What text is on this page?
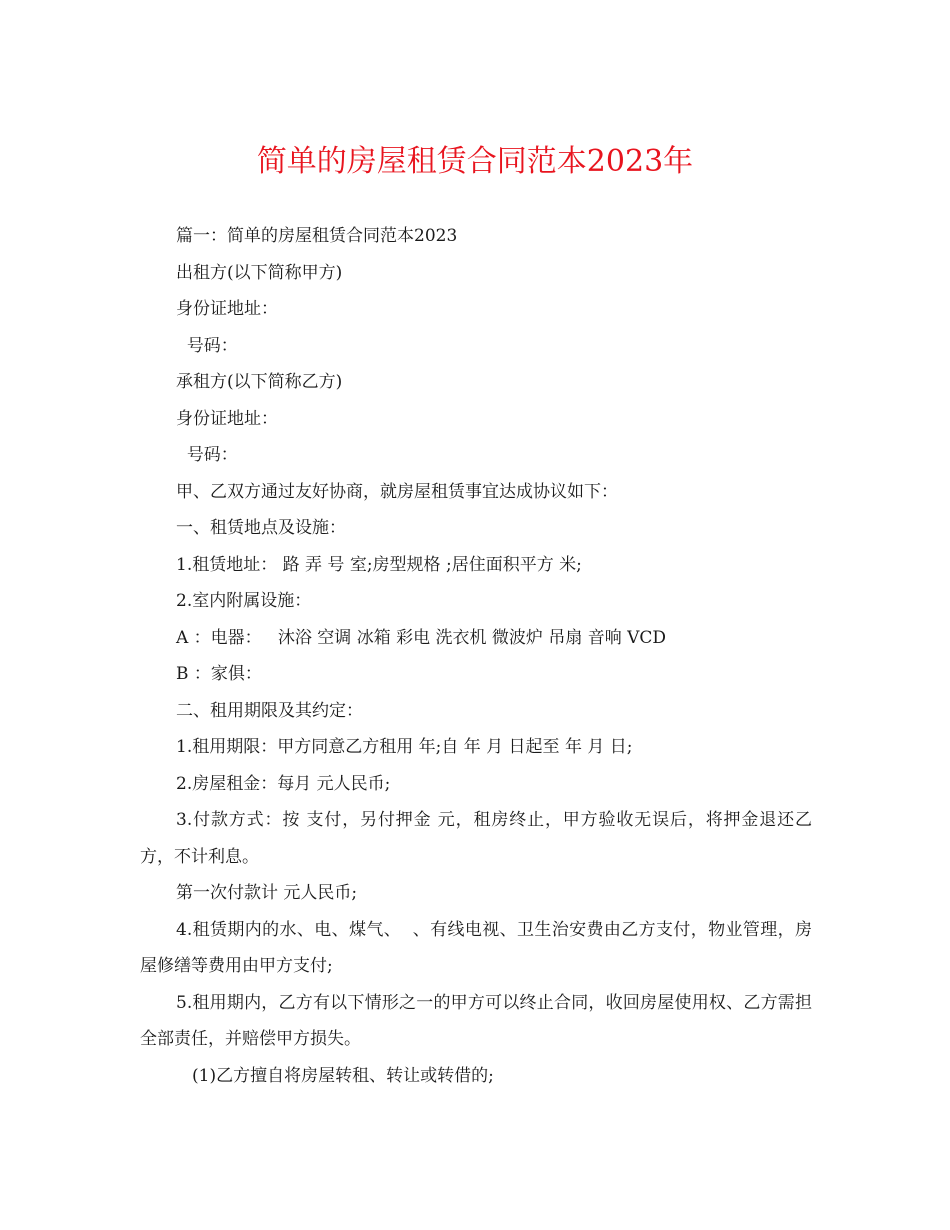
简单的房屋租赁合同范本2023年

篇一：简单的房屋租赁合同范本2023

出租方(以下简称甲方)

身份证地址：

号码：

承租方(以下简称乙方)

身份证地址：

号码：

甲、乙双方通过友好协商，就房屋租赁事宜达成协议如下：

一、租赁地点及设施：

1.租赁地址： 路 弄 号 室;房型规格 ;居住面积平方 米;

2.室内附属设施：

A ：电器：   沐浴 空调 冰箱 彩电 洗衣机 微波炉 吊扇 音响 VCD

B ：家俱：

二、租用期限及其约定：

1.租用期限：甲方同意乙方租用 年;自 年 月 日起至 年 月 日;

2.房屋租金：每月 元人民币;

3.付款方式：按 支付，另付押金 元，租房终止，甲方验收无误后，将押金退还乙方，不计利息。

第一次付款计 元人民币;

4.租赁期内的水、电、煤气、  、有线电视、卫生治安费由乙方支付，物业管理，房屋修缮等费用由甲方支付;

5.租用期内，乙方有以下情形之一的甲方可以终止合同，收回房屋使用权、乙方需担全部责任，并赔偿甲方损失。

(1)乙方擅自将房屋转租、转让或转借的;
